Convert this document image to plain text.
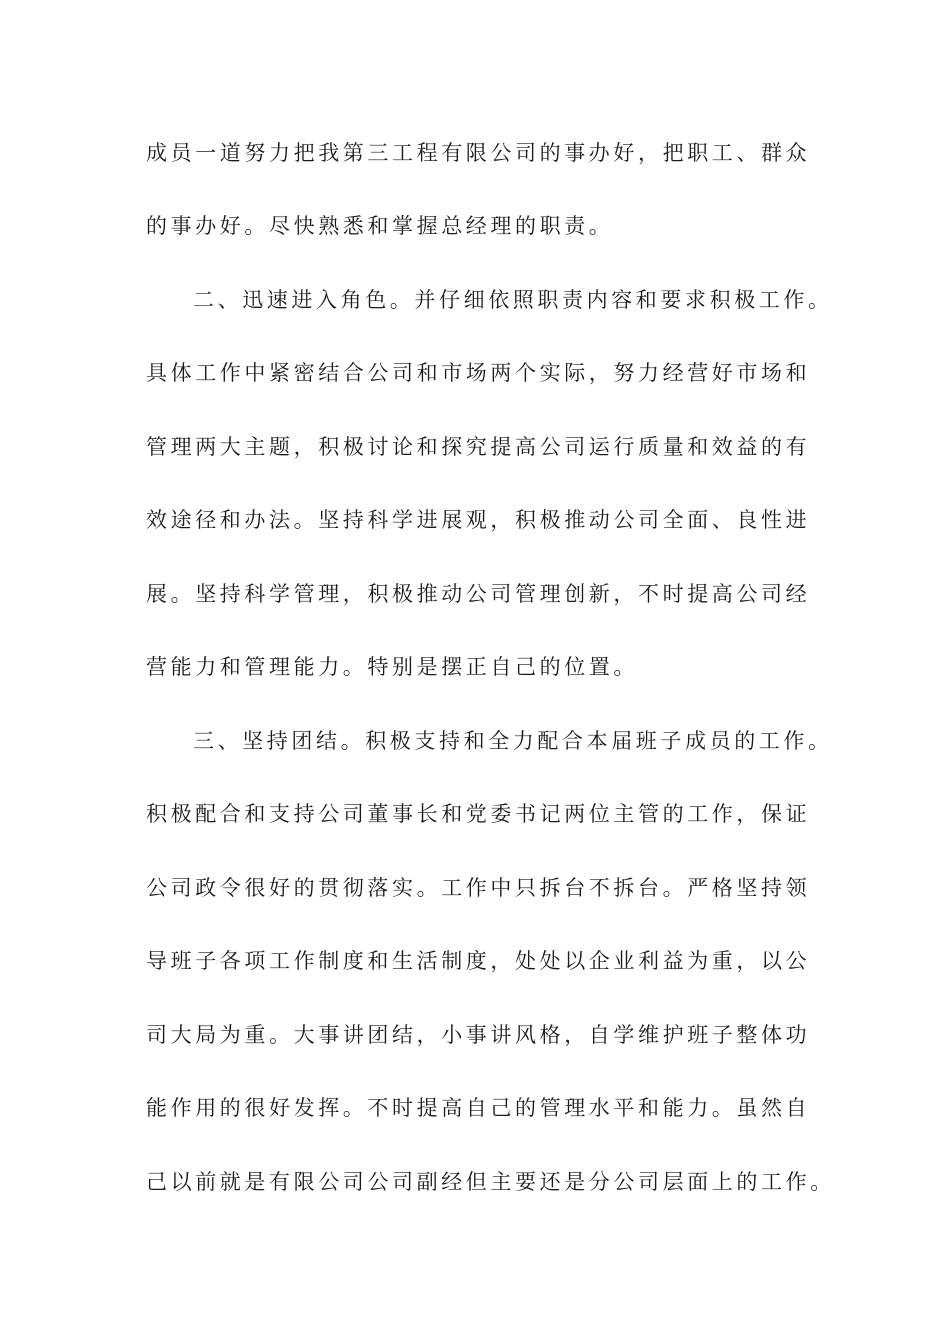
成员一道努力把我第三工程有限公司的事办好，把职工、群众
的事办好。尽快熟悉和掌握总经理的职责。
二、迅速进入角色。并仔细依照职责内容和要求积极工作。
具体工作中紧密结合公司和市场两个实际，努力经营好市场和
管理两大主题，积极讨论和探究提高公司运行质量和效益的有
效途径和办法。坚持科学进展观，积极推动公司全面、良性进
展。坚持科学管理，积极推动公司管理创新，不时提高公司经
营能力和管理能力。特别是摆正自己的位置。
三、坚持团结。积极支持和全力配合本届班子成员的工作。
积极配合和支持公司董事长和党委书记两位主管的工作，保证
公司政令很好的贯彻落实。工作中只拆台不拆台。严格坚持领
导班子各项工作制度和生活制度，处处以企业利益为重，以公
司大局为重。大事讲团结，小事讲风格，自学维护班子整体功
能作用的很好发挥。不时提高自己的管理水平和能力。虽然自
己以前就是有限公司公司副经但主要还是分公司层面上的工作。
